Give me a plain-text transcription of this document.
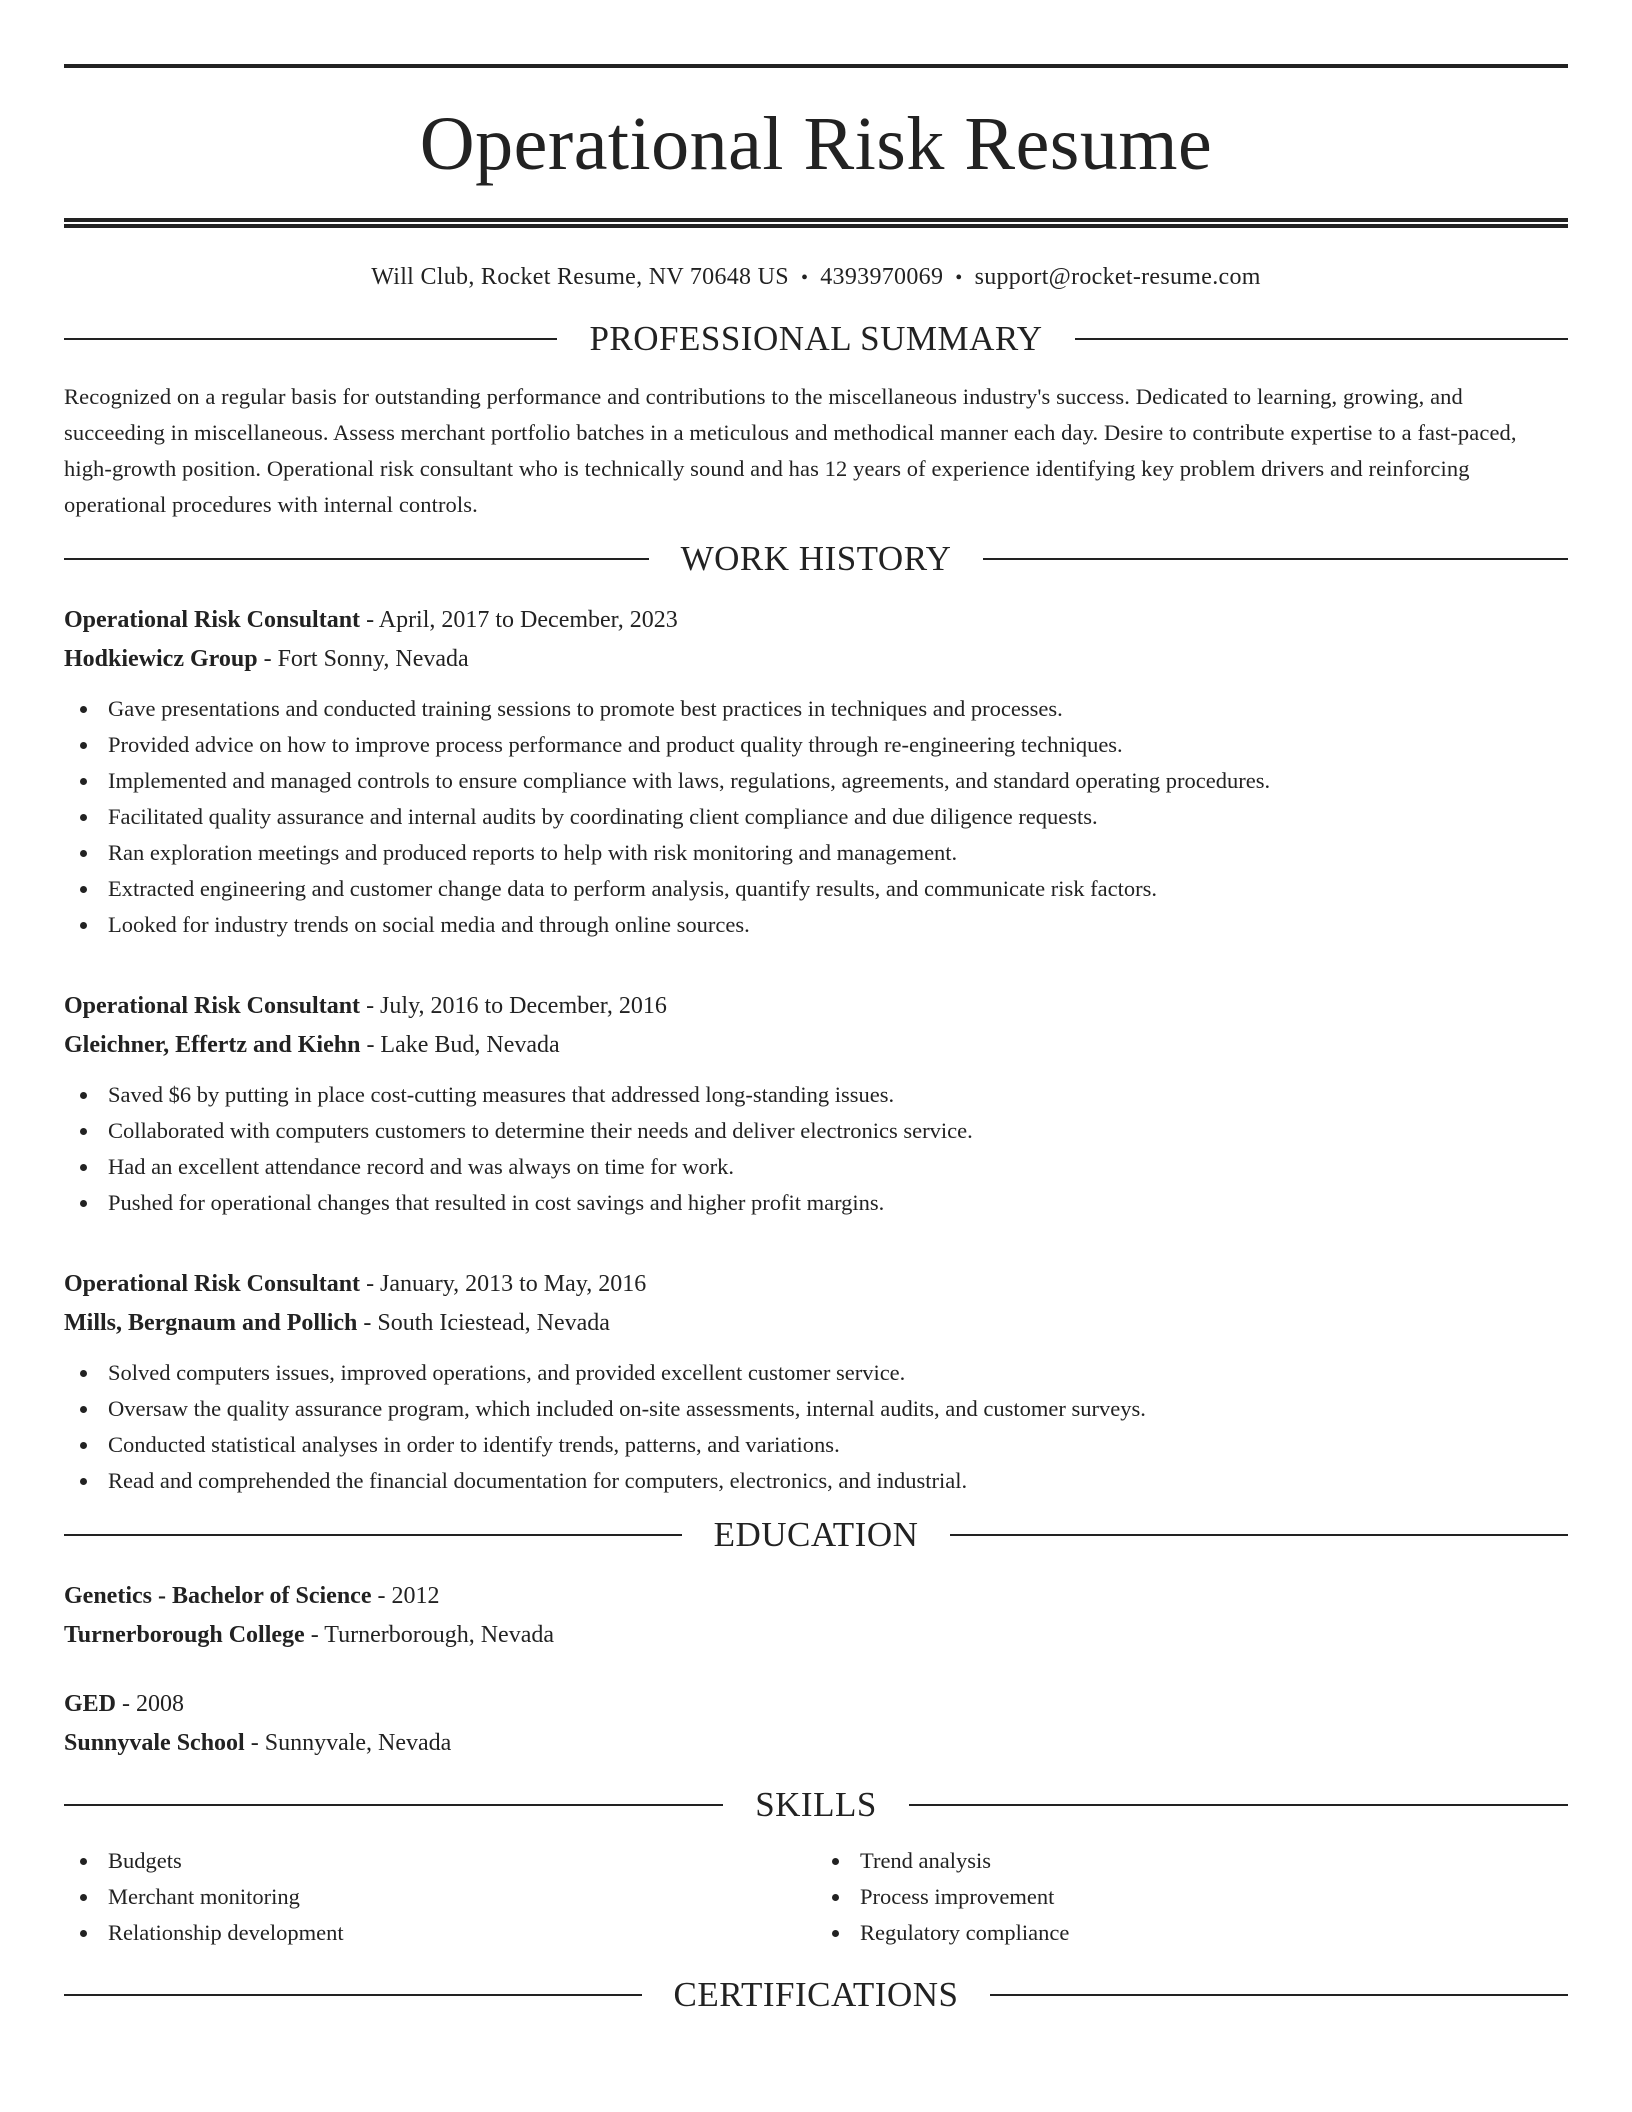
Operational Risk Resume
Will Club, Rocket Resume, NV 70648 US • 4393970069 • support@rocket-resume.com
PROFESSIONAL SUMMARY

Recognized on a regular basis for outstanding performance and contributions to the miscellaneous industry's success. Dedicated to learning, growing, and succeeding in miscellaneous. Assess merchant portfolio batches in a meticulous and methodical manner each day. Desire to contribute expertise to a fast-paced, high-growth position. Operational risk consultant who is technically sound and has 12 years of experience identifying key problem drivers and reinforcing operational procedures with internal controls.

WORK HISTORY
Operational Risk Consultant - April, 2017 to December, 2023
Hodkiewicz Group - Fort Sonny, Nevada
Gave presentations and conducted training sessions to promote best practices in techniques and processes.
Provided advice on how to improve process performance and product quality through re-engineering techniques.
Implemented and managed controls to ensure compliance with laws, regulations, agreements, and standard operating procedures.
Facilitated quality assurance and internal audits by coordinating client compliance and due diligence requests.
Ran exploration meetings and produced reports to help with risk monitoring and management.
Extracted engineering and customer change data to perform analysis, quantify results, and communicate risk factors.
Looked for industry trends on social media and through online sources.
Operational Risk Consultant - July, 2016 to December, 2016
Gleichner, Effertz and Kiehn - Lake Bud, Nevada
Saved $6 by putting in place cost-cutting measures that addressed long-standing issues.
Collaborated with computers customers to determine their needs and deliver electronics service.
Had an excellent attendance record and was always on time for work.
Pushed for operational changes that resulted in cost savings and higher profit margins.
Operational Risk Consultant - January, 2013 to May, 2016
Mills, Bergnaum and Pollich - South Iciestead, Nevada
Solved computers issues, improved operations, and provided excellent customer service.
Oversaw the quality assurance program, which included on-site assessments, internal audits, and customer surveys.
Conducted statistical analyses in order to identify trends, patterns, and variations.
Read and comprehended the financial documentation for computers, electronics, and industrial.
EDUCATION
Genetics - Bachelor of Science - 2012
Turnerborough College - Turnerborough, Nevada
GED - 2008
Sunnyvale School - Sunnyvale, Nevada
SKILLS
Budgets
Merchant monitoring
Relationship development
Trend analysis
Process improvement
Regulatory compliance
CERTIFICATIONS
